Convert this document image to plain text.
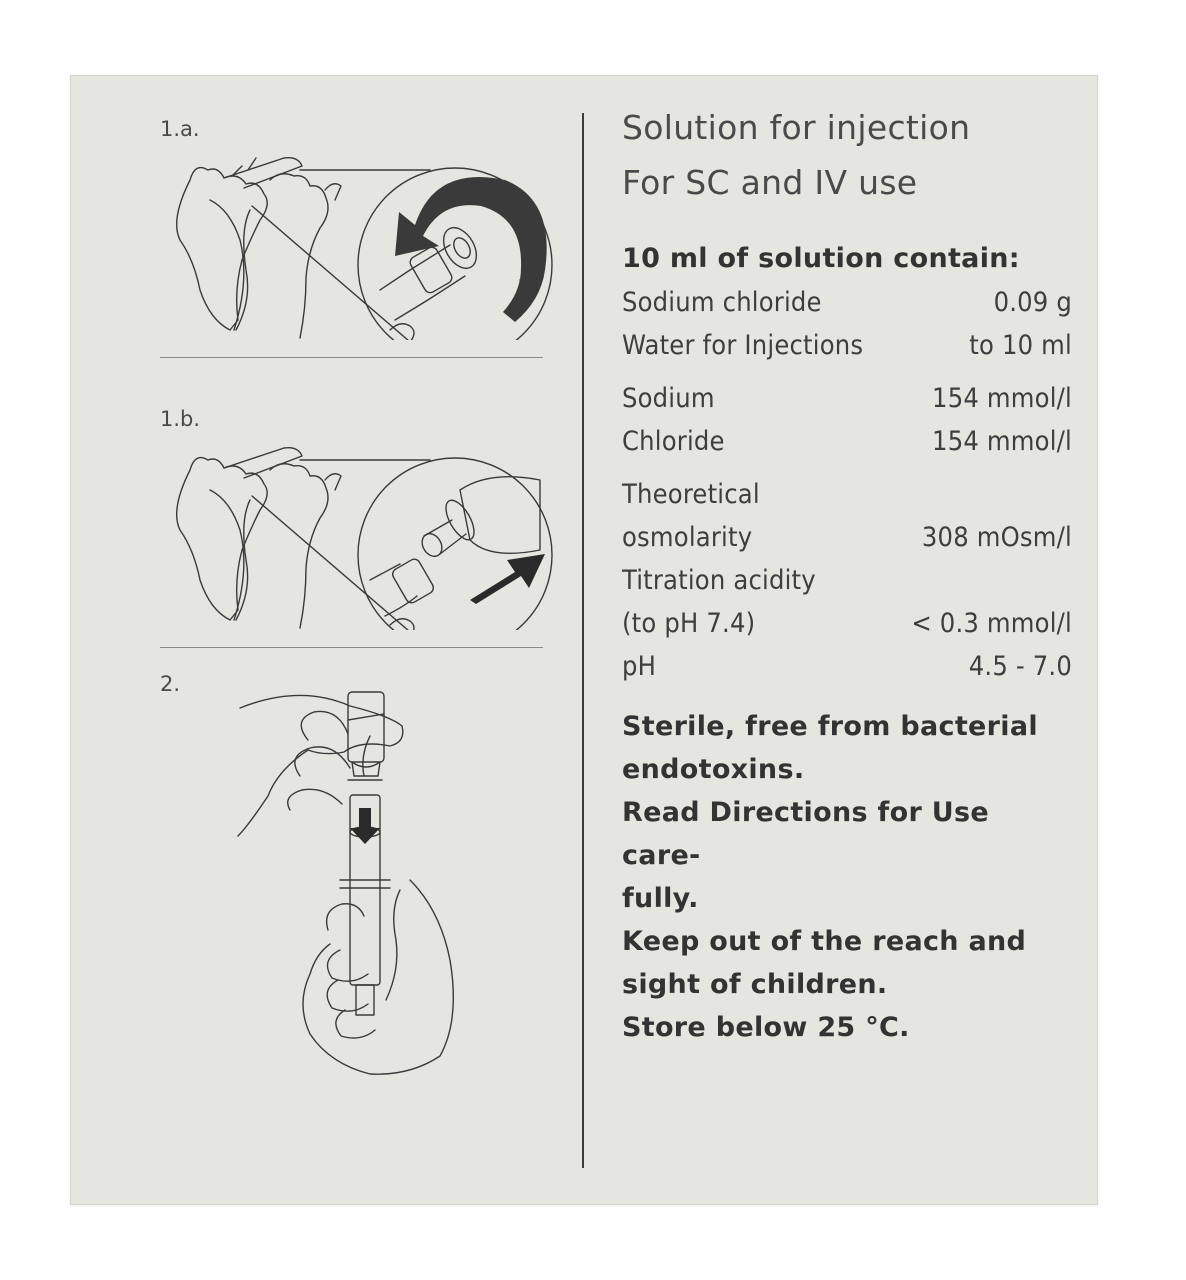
1.a.
1.b.
2.
Solution for injection
For SC and IV use
10 ml of solution contain:
Sodium chloride	0.09 g
Water for Injections	to 10 ml
Sodium	154 mmol/l
Chloride	154 mmol/l
Theoretical
osmolarity	308 mOsm/l
Titration acidity
(to pH 7.4)	< 0.3 mmol/l
pH	4.5 - 7.0
Sterile, free from bacterial
endotoxins.
Read Directions for Use care-
fully.
Keep out of the reach and
sight of children.
Store below 25 °C.
